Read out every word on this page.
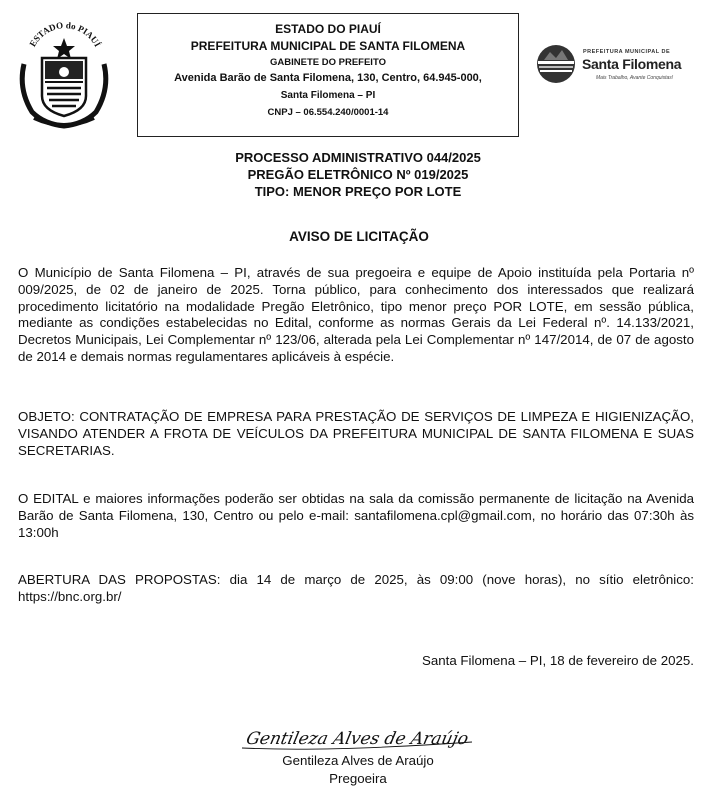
ESTADO do PIAUÍ
ESTADO DO PIAUÍ
PREFEITURA MUNICIPAL DE SANTA FILOMENA
GABINETE DO PREFEITO
Avenida Barão de Santa Filomena, 130, Centro, 64.945-000,
Santa Filomena – PI
CNPJ – 06.554.240/0001-14
PREFEITURA MUNICIPAL DE
Santa Filomena
Mais Trabalho, Avante Conquistas!
PROCESSO ADMINISTRATIVO 044/2025
PREGÃO ELETRÔNICO Nº 019/2025
TIPO: MENOR PREÇO POR LOTE
AVISO DE LICITAÇÃO
O Município de Santa Filomena – PI, através de sua pregoeira e equipe de Apoio instituída pela Portaria nº 009/2025, de 02 de janeiro de 2025. Torna público, para conhecimento dos interessados que realizará procedimento licitatório na modalidade Pregão Eletrônico, tipo menor preço POR LOTE, em sessão pública, mediante as condições estabelecidas no Edital, conforme as normas Gerais da Lei Federal nº. 14.133/2021, Decretos Municipais, Lei Complementar nº 123/06, alterada pela Lei Complementar nº 147/2014, de 07 de agosto de 2014 e demais normas regulamentares aplicáveis à espécie.
OBJETO: CONTRATAÇÃO DE EMPRESA PARA PRESTAÇÃO DE SERVIÇOS DE LIMPEZA E HIGIENIZAÇÃO, VISANDO ATENDER A FROTA DE VEÍCULOS DA PREFEITURA MUNICIPAL DE SANTA FILOMENA E SUAS SECRETARIAS.
O EDITAL e maiores informações poderão ser obtidas na sala da comissão permanente de licitação na Avenida Barão de Santa Filomena, 130, Centro ou pelo e-mail: santafilomena.cpl@gmail.com, no horário das 07:30h às 13:00h
ABERTURA DAS PROPOSTAS: dia 14 de março de 2025, às 09:00 (nove horas), no sítio eletrônico: https://bnc.org.br/
Santa Filomena – PI, 18 de fevereiro de 2025.
Gentileza Alves de Araújo
Gentileza Alves de Araújo
Pregoeira
